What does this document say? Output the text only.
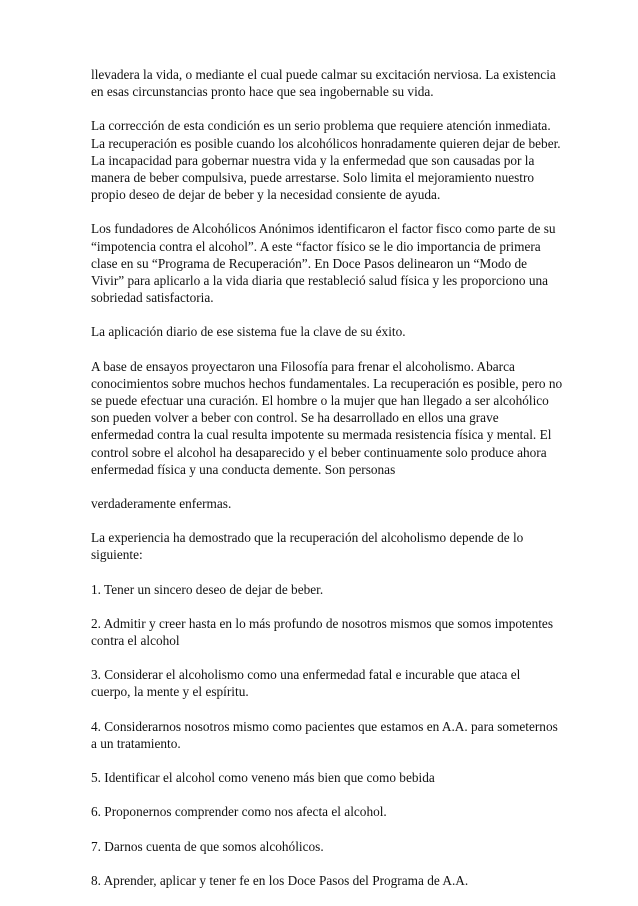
llevadera la vida, o mediante el cual puede calmar su excitación nerviosa. La existencia
en esas circunstancias pronto hace que sea ingobernable su vida.

La corrección de esta condición es un serio problema que requiere atención inmediata.
La recuperación es posible cuando los alcohólicos honradamente quieren dejar de beber.
La incapacidad para gobernar nuestra vida y la enfermedad que son causadas por la
manera de beber compulsiva, puede arrestarse. Solo limita el mejoramiento nuestro
propio deseo de dejar de beber y la necesidad consiente de ayuda.

Los fundadores de Alcohólicos Anónimos identificaron el factor fisco como parte de su
“impotencia contra el alcohol”. A este “factor físico se le dio importancia de primera
clase en su “Programa de Recuperación”. En Doce Pasos delinearon un “Modo de
Vivir” para aplicarlo a la vida diaria que restableció salud física y les proporciono una
sobriedad satisfactoria.

La aplicación diario de ese sistema fue la clave de su éxito.

A base de ensayos proyectaron una Filosofía para frenar el alcoholismo. Abarca
conocimientos sobre muchos hechos fundamentales. La recuperación es posible, pero no
se puede efectuar una curación. El hombre o la mujer que han llegado a ser alcohólico
son pueden volver a beber con control. Se ha desarrollado en ellos una grave
enfermedad contra la cual resulta impotente su mermada resistencia física y mental. El
control sobre el alcohol ha desaparecido y el beber continuamente solo produce ahora
enfermedad física y una conducta demente. Son personas

verdaderamente enfermas.

La experiencia ha demostrado que la recuperación del alcoholismo depende de lo
siguiente:

1. Tener un sincero deseo de dejar de beber.

2. Admitir y creer hasta en lo más profundo de nosotros mismos que somos impotentes
contra el alcohol

3. Considerar el alcoholismo como una enfermedad fatal e incurable que ataca el
cuerpo, la mente y el espíritu.

4. Considerarnos nosotros mismo como pacientes que estamos en A.A. para someternos
a un tratamiento.

5. Identificar el alcohol como veneno más bien que como bebida

6. Proponernos comprender como nos afecta el alcohol.

7. Darnos cuenta de que somos alcohólicos.

8. Aprender, aplicar y tener fe en los Doce Pasos del Programa de A.A.
